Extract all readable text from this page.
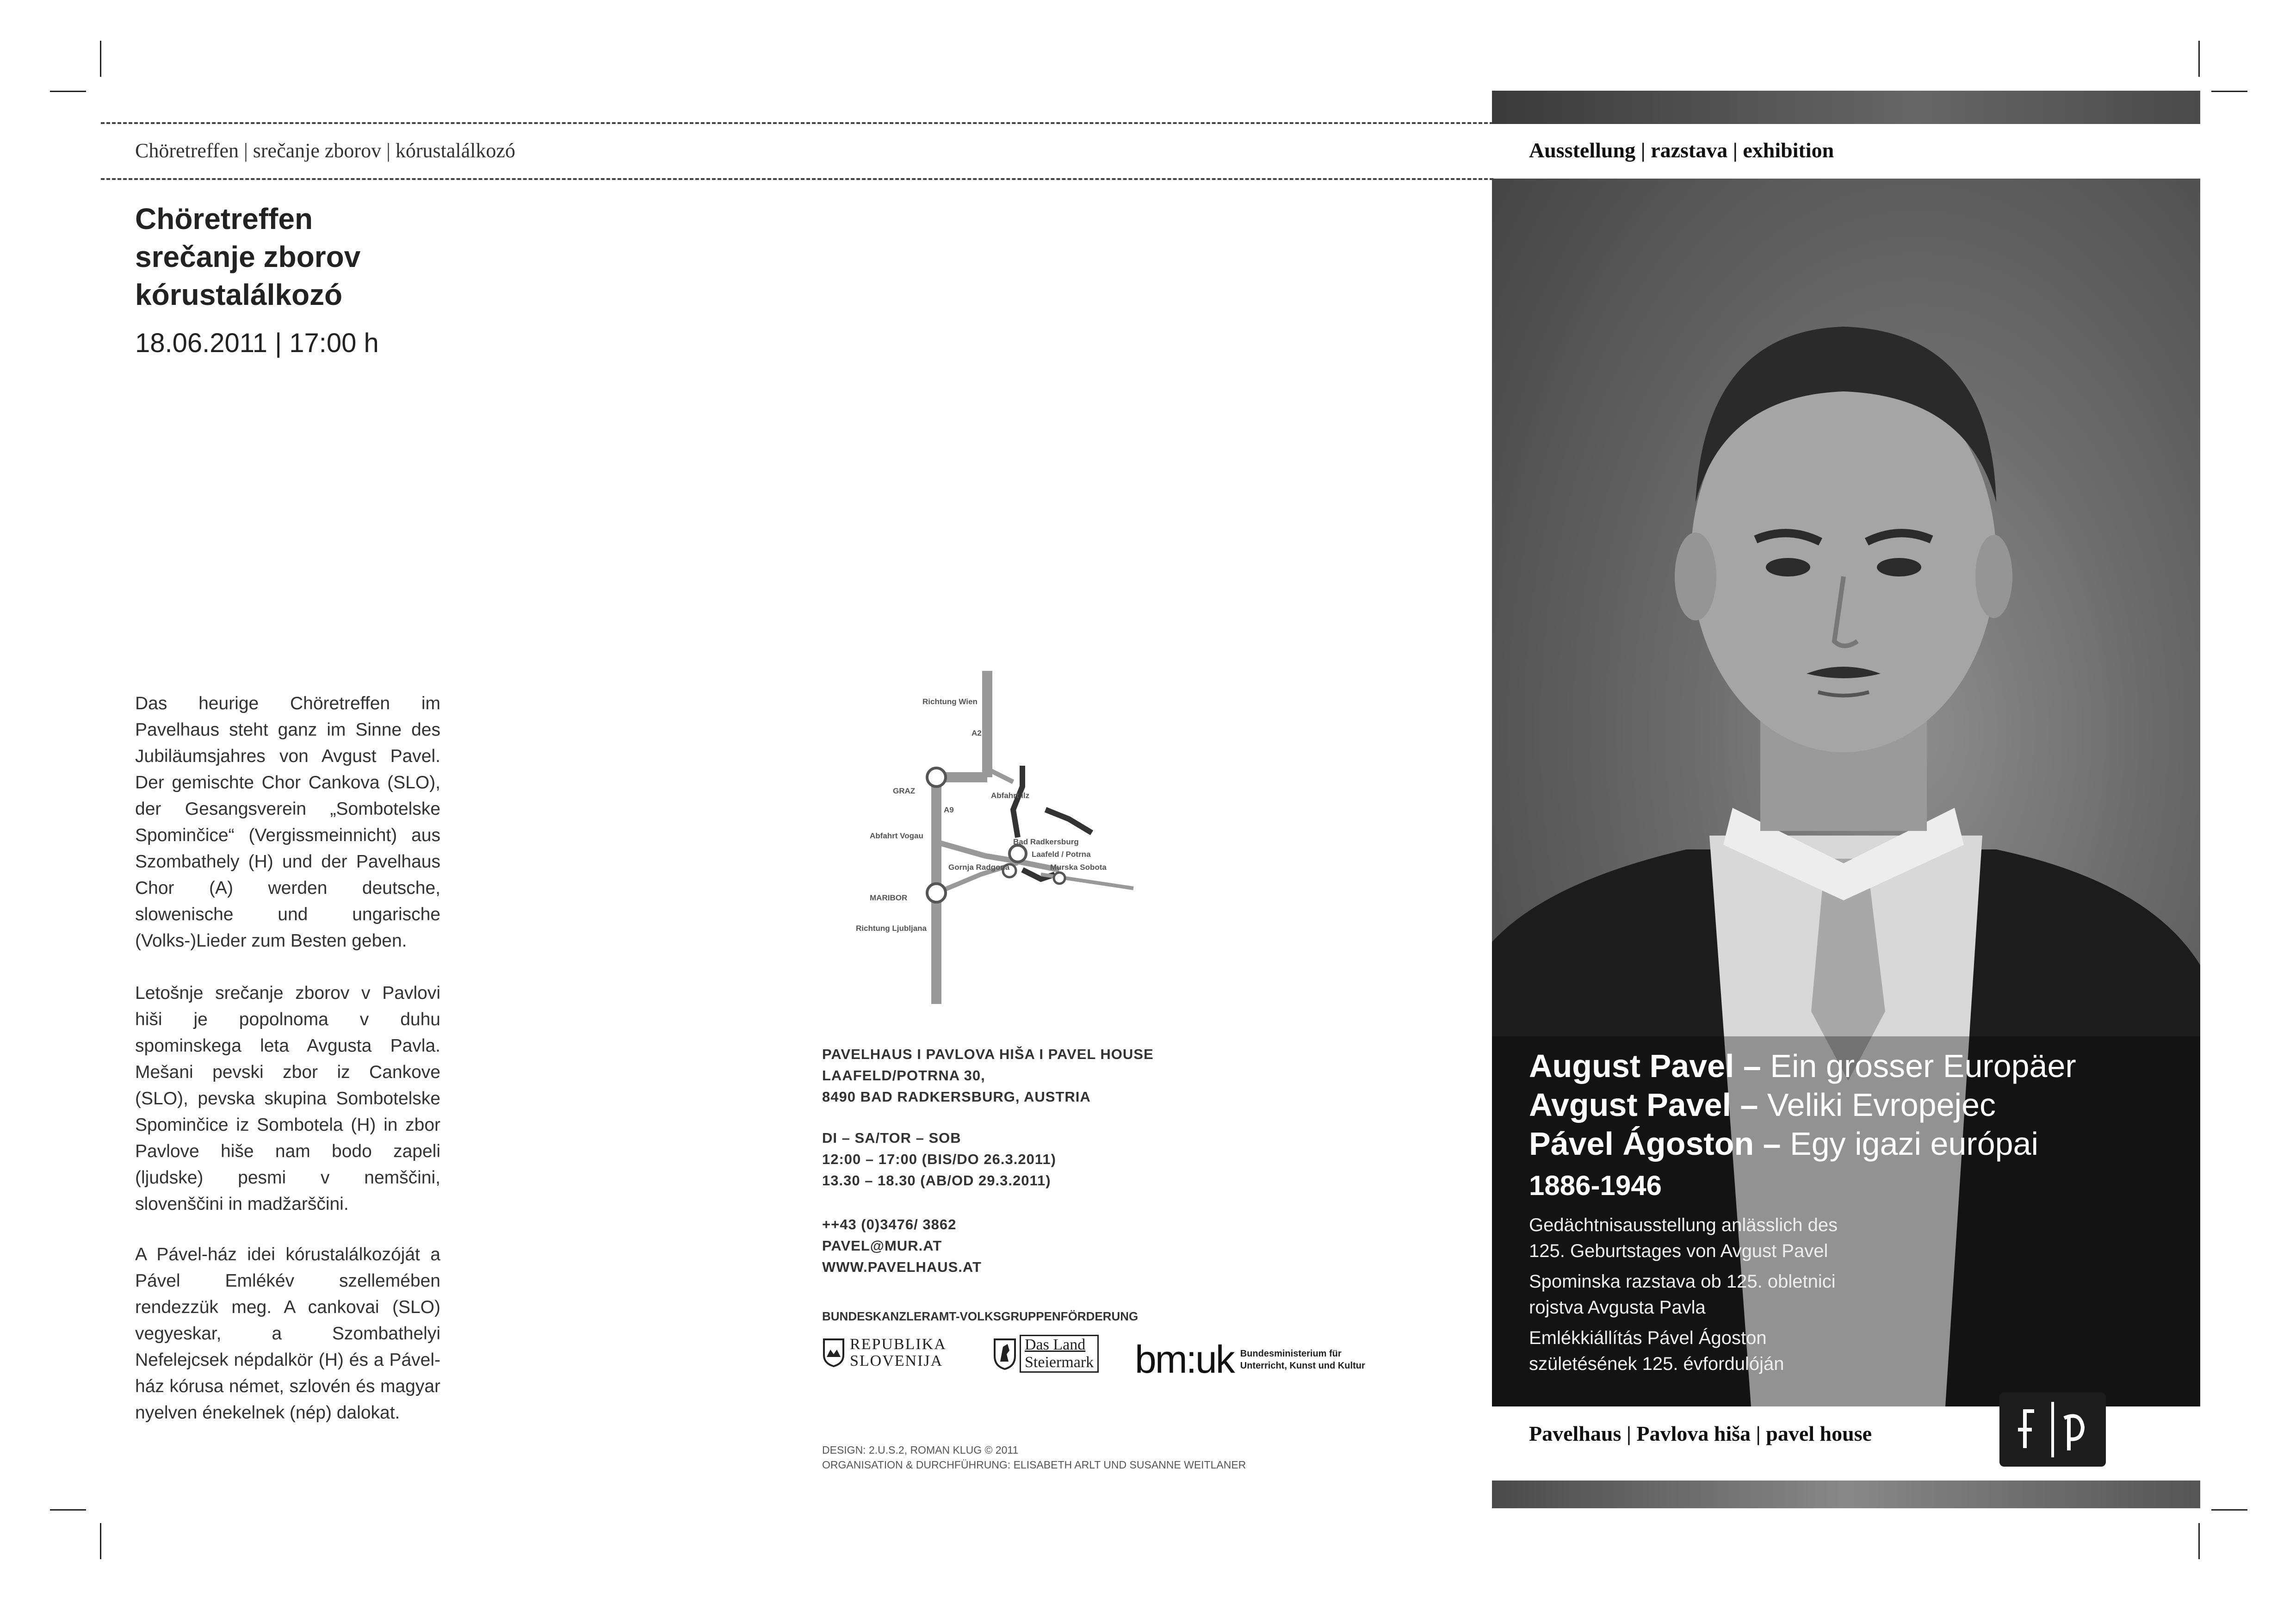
Chöretreffen | srečanje zborov | kórustalálkozó
Chöretreffen
srečanje zborov
kórustalálkozó
18.06.2011 | 17:00 h
Das heurige Chöretreffen im Pavelhaus steht ganz im Sinne des Jubiläumsjahres von Avgust Pavel. Der gemischte Chor Cankova (SLO), der Gesangsverein „Sombotelske Spominčice“ (Vergissmeinnicht) aus Szombathely (H) und der Pavelhaus Chor (A) werden deutsche, slowenische und ungarische (Volks-)Lieder zum Besten geben.
Letošnje srečanje zborov v Pavlovi hiši je popolnoma v duhu spominskega leta Avgusta Pavla. Mešani pevski zbor iz Cankove (SLO), pevska skupina Sombotelske Spominčice iz Sombotela (H) in zbor Pavlove hiše nam bodo zapeli (ljudske) pesmi v nemščini, slovenščini in madžarščini.
A Pável-ház idei kórustalálkozóját a Pável Emlékév szellemében rendezzük meg. A cankovai (SLO) vegyeskar, a Szombathelyi Nefelejcsek népdalkör (H) és a Pável-ház kórusa német, szlovén és magyar nyelven énekelnek (nép) dalokat.
Richtung Wien
A2
GRAZ
A9
Abfahrt Ilz
Abfahrt Vogau
Bad Radkersburg
Laafeld / Potrna
Gornja Radgona	Murska Sobota
MARIBOR
Richtung Ljubljana
PAVELHAUS I PAVLOVA HIŠA I PAVEL HOUSE
LAAFELD/POTRNA 30,
8490 BAD RADKERSBURG, AUSTRIA
DI – SA/TOR – SOB
12:00 – 17:00 (BIS/DO 26.3.2011)
13.30 – 18.30 (AB/OD 29.3.2011)
++43 (0)3476/ 3862
PAVEL@MUR.AT
WWW.PAVELHAUS.AT
BUNDESKANZLERAMT-VOLKSGRUPPENFÖRDERUNG
REPUBLIKA
SLOVENIJA
Das Land
Steiermark bm:uk Bundesministerium für
Unterricht, Kunst und Kultur
DESIGN: 2.U.S.2, ROMAN KLUG © 2011
ORGANISATION & DURCHFÜHRUNG: ELISABETH ARLT UND SUSANNE WEITLANER
Ausstellung | razstava | exhibition
August Pavel – Ein grosser Europäer
Avgust Pavel – Veliki Evropejec
Pável Ágoston – Egy igazi európai
1886-1946
Gedächtnisausstellung anlässlich des
125. Geburtstages von Avgust Pavel
Spominska razstava ob 125. obletnici
rojstva Avgusta Pavla
Emlékkiállítás Pável Ágoston
születésének 125. évfordulóján
Pavelhaus | Pavlova hiša | pavel house
